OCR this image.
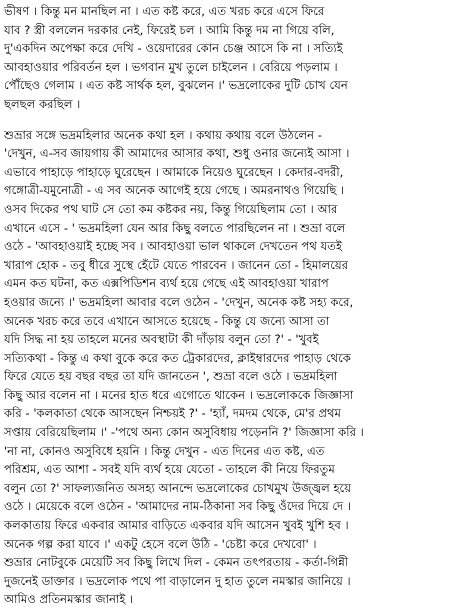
ভীষণ । কিন্তু মন মানছিল না । এত কষ্ট করে, এত খরচ করে এসে ফিরে
যাব ? স্ত্রী বললেন দরকার নেই, ফিরেই চল । আমি কিন্তু দম না গিয়ে বলি,
দু'একদিন অপেক্ষা করে দেখি - ওয়েদারের কোন চেঞ্জ আসে কি না । সত্যিই
আবহাওয়ার পরিবর্তন হল । ভগবান মুখ তুলে চাইলেন । বেরিয়ে পড়লাম ।
পৌঁছেও গেলাম । এত কষ্ট সার্থক হল, বুঝলেন ।' ভদ্রলোকের দুটি চোখ যেন
ছলছল করছিল ।
শুভ্রার সঙ্গে ভদ্রমহিলার অনেক কথা হল । কথায় কথায় বলে উঠলেন -
'দেখুন, এ-সব জায়গায় কী আমাদের আসার কথা, শুধু ওনার জন্যেই আসা ।
এভাবে পাহাড়ে পাহাড়ে ঘুরেছেন । আমাকে নিয়েও ঘুরেছেন । কেদার-বদরী,
গঙ্গোত্রী-যমুনোত্রী - এ সব অনেক আগেই হয়ে গেছে । অমরনাথও গিয়েছি ।
ওসব দিকের পথ ঘাট সে তো কম কষ্টকর নয়, কিন্তু গিয়েছিলাম তো । আর
এখানে এসে - ' ভদ্রমহিলা যেন আর কিছু বলতে পারছিলেন না । শুভ্রা বলে
ওঠে - 'আবহাওয়াই হচ্ছে সব । আবহাওয়া ভাল থাকলে দেখতেন পথ যতই
খারাপ হোক - তবু ধীরে সুস্থে হেঁটে যেতে পারবেন । জানেন তো - হিমালয়ের
এমন কত ঘটনা, কত এক্সপিডিশন ব্যর্থ হয়ে গেছে এই আবহাওয়া খারাপ
হওয়ার জন্যে ।' ভদ্রমহিলা আবার বলে ওঠেন - 'দেখুন, অনেক কষ্ট সহ্য করে,
অনেক খরচ করে তবে এখানে আসতে হয়েছে - কিন্তু যে জন্যে আসা তা
যদি সিদ্ধ না হয় তাহলে মনের অবস্থাটা কী দাঁড়ায় বলুন তো ?' - 'খুবই
সত্যিকথা - কিন্তু এ কথা বুকে করে কত ট্রেকারদের, ক্লাইম্বারদের পাহাড় থেকে
ফিরে যেতে হয় বছর বছর তা যদি জানতেন ', শুভ্রা বলে ওঠে । ভদ্রমহিলা
কিছু আর বলেন না । মনের হাত ধরে এগোতে থাকেন । ভদ্রলোককে জিজ্ঞাসা
করি - 'কলকাতা থেকে আসছেন নিশ্চয়ই ?' - 'হ্যাঁ, দমদম থেকে, মে'র প্রথম
সপ্তায় বেরিয়েছিলাম ।' -'পথে অন্য কোন অসুবিধায় পড়েননি ?' জিজ্ঞাসা করি ।
'না না, কোনও অসুবিধে হয়নি । কিন্তু দেখুন - এত দিনের এত কষ্ট, এত
পরিশ্রম, এত আশা - সবই যদি ব্যর্থ হয়ে যেতো - তাহলে কী নিয়ে ফিরতুম
বলুন তো ?' সাফল্যজনিত অসহ্য আনন্দে ভদ্রলোকের চোখমুখ উজ্জ্বল হয়ে
ওঠে । মেয়েকে বলে ওঠেন - 'আমাদের নাম-ঠিকানা সব কিছু ওঁদের দিয়ে দে ।
কলকাতায় ফিরে একবার আমার বাড়িতে একবার যদি আসেন খুবই খুশি হব ।
অনেক গল্প করা যাবে ।' একটু হেসে বলে উঠি - 'চেষ্টা করে দেখবো' ।
শুভ্রার নোটবুকে মেয়েটি সব কিছু লিখে দিল - কেমন তৎপরতায় - কর্তা-গিন্নী
দুজনেই ডাক্তার । ভদ্রলোক পথে পা বাড়ালেন দু হাত তুলে নমস্কার জানিয়ে ।
আমিও প্রতিনমস্কার জানাই ।
